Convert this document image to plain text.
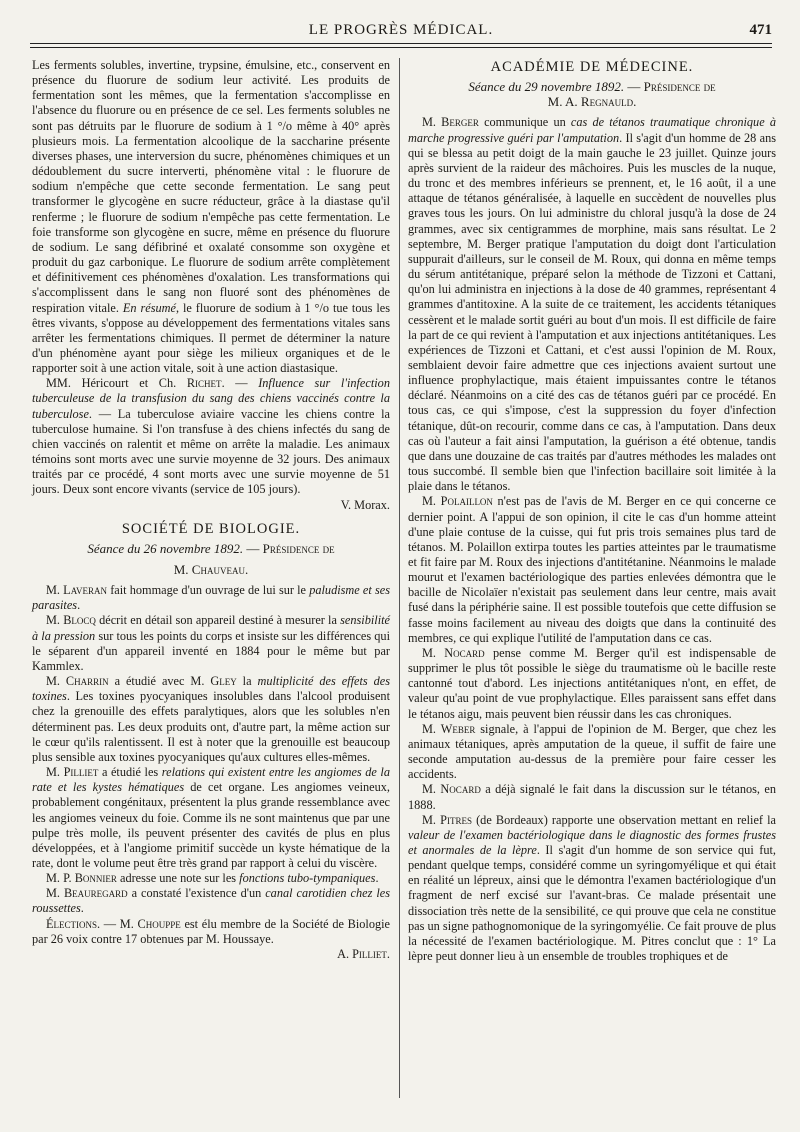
LE PROGRÈS MÉDICAL.	471

Les ferments solubles, invertine, trypsine, émulsine, etc., conservent en présence du fluorure de sodium leur activité. Les produits de fermentation sont les mêmes, que la fermentation s'accomplisse en l'absence du fluorure ou en présence de ce sel. Les ferments solubles ne sont pas détruits par le fluorure de sodium à 1 °/o même à 40° après plusieurs mois. La fermentation alcoolique de la saccharine présente diverses phases, une interversion du sucre, phénomènes chimiques et un dédoublement du sucre interverti, phénomène vital : le fluorure de sodium n'empêche que cette seconde fermentation. Le sang peut transformer le glycogène en sucre réducteur, grâce à la diastase qu'il renferme ; le fluorure de sodium n'empêche pas cette fermentation. Le foie transforme son glycogène en sucre, même en présence du fluorure de sodium. Le sang défibriné et oxalaté consomme son oxygène et produit du gaz carbonique. Le fluorure de sodium arrête complètement et définitivement ces phénomènes d'oxalation. Les transformations qui s'accomplissent dans le sang non fluoré sont des phénomènes de respiration vitale. En résumé, le fluorure de sodium à 1 °/o tue tous les êtres vivants, s'oppose au développement des fermentations vitales sans arrêter les fermentations chimiques. Il permet de déterminer la nature d'un phénomène ayant pour siège les milieux organiques et de le rapporter soit à une action vitale, soit à une action diastasique.

MM. Héricourt et Ch. Richet. — Influence sur l'infection tuberculeuse de la transfusion du sang des chiens vaccinés contre la tuberculose. — La tuberculose aviaire vaccine les chiens contre la tuberculose humaine. Si l'on transfuse à des chiens infectés du sang de chien vaccinés on ralentit et même on arrête la maladie. Les animaux témoins sont morts avec une survie moyenne de 32 jours. Des animaux traités par ce procédé, 4 sont morts avec une survie moyenne de 51 jours. Deux sont encore vivants (service de 105 jours).

V. Morax.

SOCIÉTÉ DE BIOLOGIE.

Séance du 26 novembre 1892. — Présidence de

M. Chauveau.

M. Laveran fait hommage d'un ouvrage de lui sur le paludisme et ses parasites.

M. Blocq décrit en détail son appareil destiné à mesurer la sensibilité à la pression sur tous les points du corps et insiste sur les différences qui le séparent d'un appareil inventé en 1884 pour le même but par Kammlex.

M. Charrin a étudié avec M. Gley la multiplicité des effets des toxines. Les toxines pyocyaniques insolubles dans l'alcool produisent chez la grenouille des effets paralytiques, alors que les solubles n'en déterminent pas. Les deux produits ont, d'autre part, la même action sur le cœur qu'ils ralentissent. Il est à noter que la grenouille est beaucoup plus sensible aux toxines pyocyaniques qu'aux cultures elles-mêmes.

M. Pilliet a étudié les relations qui existent entre les angiomes de la rate et les kystes hématiques de cet organe. Les angiomes veineux, probablement congénitaux, présentent la plus grande ressemblance avec les angiomes veineux du foie. Comme ils ne sont maintenus que par une pulpe très molle, ils peuvent présenter des cavités de plus en plus développées, et à l'angiome primitif succède un kyste hématique de la rate, dont le volume peut être très grand par rapport à celui du viscère.

M. P. Bonnier adresse une note sur les fonctions tubo-tympaniques.

M. Beauregard a constaté l'existence d'un canal carotidien chez les roussettes.

Élections. — M. Chouppe est élu membre de la Société de Biologie par 26 voix contre 17 obtenues par M. Houssaye.

A. Pilliet.

ACADÉMIE DE MÉDECINE.

Séance du 29 novembre 1892. — Présidence de

M. A. Regnauld.

M. Berger communique un cas de tétanos traumatique chronique à marche progressive guéri par l'amputation. Il s'agit d'un homme de 28 ans qui se blessa au petit doigt de la main gauche le 23 juillet. Quinze jours après survient de la raideur des mâchoires. Puis les muscles de la nuque, du tronc et des membres inférieurs se prennent, et, le 16 août, il a une attaque de tétanos généralisée, à laquelle en succèdent de nouvelles plus graves tous les jours. On lui administre du chloral jusqu'à la dose de 24 grammes, avec six centigrammes de morphine, mais sans résultat. Le 2 septembre, M. Berger pratique l'amputation du doigt dont l'articulation suppurait d'ailleurs, sur le conseil de M. Roux, qui donna en même temps du sérum antitétanique, préparé selon la méthode de Tizzoni et Cattani, qu'on lui administra en injections à la dose de 40 grammes, représentant 4 grammes d'antitoxine. A la suite de ce traitement, les accidents tétaniques cessèrent et le malade sortit guéri au bout d'un mois. Il est difficile de faire la part de ce qui revient à l'amputation et aux injections antitétaniques. Les expériences de Tizzoni et Cattani, et c'est aussi l'opinion de M. Roux, semblaient devoir faire admettre que ces injections avaient surtout une influence prophylactique, mais étaient impuissantes contre le tétanos déclaré. Néanmoins on a cité des cas de tétanos guéri par ce procédé. En tous cas, ce qui s'impose, c'est la suppression du foyer d'infection tétanique, dût-on recourir, comme dans ce cas, à l'amputation. Dans deux cas où l'auteur a fait ainsi l'amputation, la guérison a été obtenue, tandis que dans une douzaine de cas traités par d'autres méthodes les malades ont tous succombé. Il semble bien que l'infection bacillaire soit limitée à la plaie dans le tétanos.

M. Polaillon n'est pas de l'avis de M. Berger en ce qui concerne ce dernier point. A l'appui de son opinion, il cite le cas d'un homme atteint d'une plaie contuse de la cuisse, qui fut pris trois semaines plus tard de tétanos. M. Polaillon extirpa toutes les parties atteintes par le traumatisme et fit faire par M. Roux des injections d'antitétanine. Néanmoins le malade mourut et l'examen bactériologique des parties enlevées démontra que le bacille de Nicolaïer n'existait pas seulement dans leur centre, mais avait fusé dans la périphérie saine. Il est possible toutefois que cette diffusion se fasse moins facilement au niveau des doigts que dans la continuité des membres, ce qui explique l'utilité de l'amputation dans ce cas.

M. Nocard pense comme M. Berger qu'il est indispensable de supprimer le plus tôt possible le siège du traumatisme où le bacille reste cantonné tout d'abord. Les injections antitétaniques n'ont, en effet, de valeur qu'au point de vue prophylactique. Elles paraissent sans effet dans le tétanos aigu, mais peuvent bien réussir dans les cas chroniques.

M. Weber signale, à l'appui de l'opinion de M. Berger, que chez les animaux tétaniques, après amputation de la queue, il suffit de faire une seconde amputation au-dessus de la première pour faire cesser les accidents.

M. Nocard a déjà signalé le fait dans la discussion sur le tétanos, en 1888.

M. Pitres (de Bordeaux) rapporte une observation mettant en relief la valeur de l'examen bactériologique dans le diagnostic des formes frustes et anormales de la lèpre. Il s'agit d'un homme de son service qui fut, pendant quelque temps, considéré comme un syringomyélique et qui était en réalité un lépreux, ainsi que le démontra l'examen bactériologique d'un fragment de nerf excisé sur l'avant-bras. Ce malade présentait une dissociation très nette de la sensibilité, ce qui prouve que cela ne constitue pas un signe pathognomonique de la syringomyélie. Ce fait prouve de plus la nécessité de l'examen bactériologique. M. Pitres conclut que : 1° La lèpre peut donner lieu à un ensemble de troubles trophiques et de
